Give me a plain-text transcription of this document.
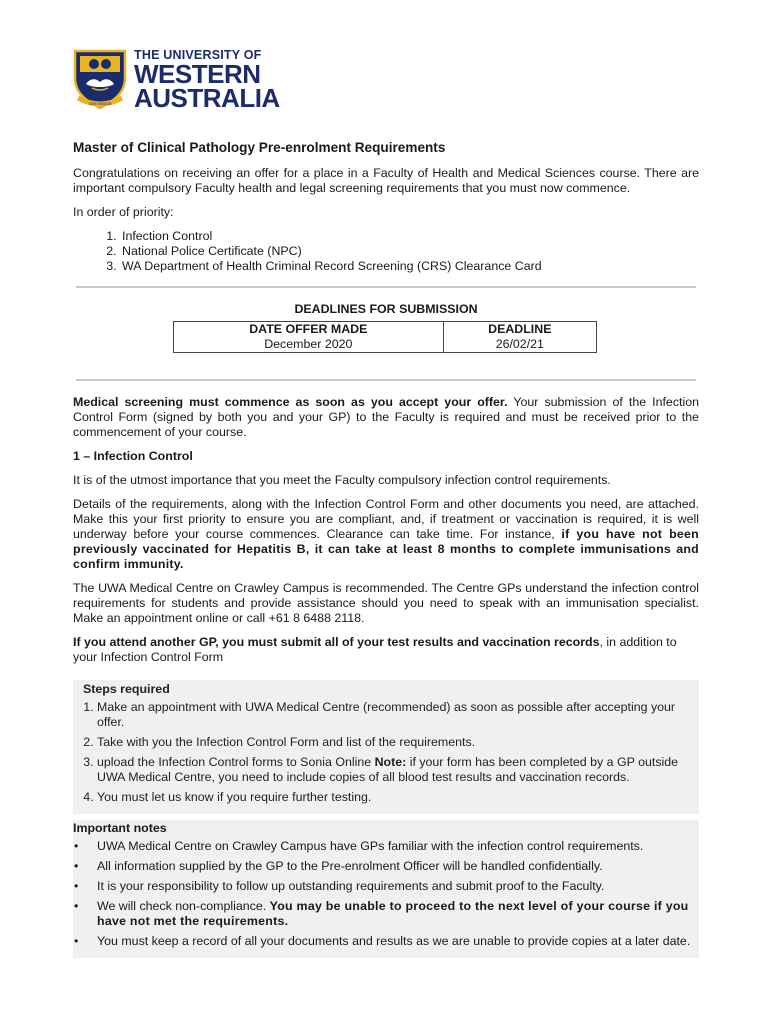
SEEK WISDOM
THE UNIVERSITY OF
WESTERN
AUSTRALIA
Master of Clinical Pathology Pre-enrolment Requirements

Congratulations on receiving an offer for a place in a Faculty of Health and Medical Sciences course. There are important compulsory Faculty health and legal screening requirements that you must now commence.

In order of priority:

1. Infection Control
2. National Police Certificate (NPC)
3. WA Department of Health Criminal Record Screening (CRS) Clearance Card
DEADLINES FOR SUBMISSION
DATE OFFER MADE	DEADLINE
December 2020	26/02/21

Medical screening must commence as soon as you accept your offer. Your submission of the Infection Control Form (signed by both you and your GP) to the Faculty is required and must be received prior to the commencement of your course.

1 – Infection Control

It is of the utmost importance that you meet the Faculty compulsory infection control requirements.

Details of the requirements, along with the Infection Control Form and other documents you need, are attached. Make this your first priority to ensure you are compliant, and, if treatment or vaccination is required, it is well underway before your course commences. Clearance can take time. For instance, if you have not been previously vaccinated for Hepatitis B, it can take at least 8 months to complete immunisations and confirm immunity.

The UWA Medical Centre on Crawley Campus is recommended. The Centre GPs understand the infection control requirements for students and provide assistance should you need to speak with an immunisation specialist. Make an appointment online or call +61 8 6488 2118.

If you attend another GP, you must submit all of your test results and vaccination records, in addition to your Infection Control Form

Steps required
1. Make an appointment with UWA Medical Centre (recommended) as soon as possible after accepting your offer.
2. Take with you the Infection Control Form and list of the requirements.
3. upload the Infection Control forms to Sonia Online Note: if your form has been completed by a GP outside UWA Medical Centre, you need to include copies of all blood test results and vaccination records.
4. You must let us know if you require further testing.
Important notes
• UWA Medical Centre on Crawley Campus have GPs familiar with the infection control requirements.
• All information supplied by the GP to the Pre-enrolment Officer will be handled confidentially.
• It is your responsibility to follow up outstanding requirements and submit proof to the Faculty.
• We will check non-compliance. You may be unable to proceed to the next level of your course if you have not met the requirements.
• You must keep a record of all your documents and results as we are unable to provide copies at a later date.
